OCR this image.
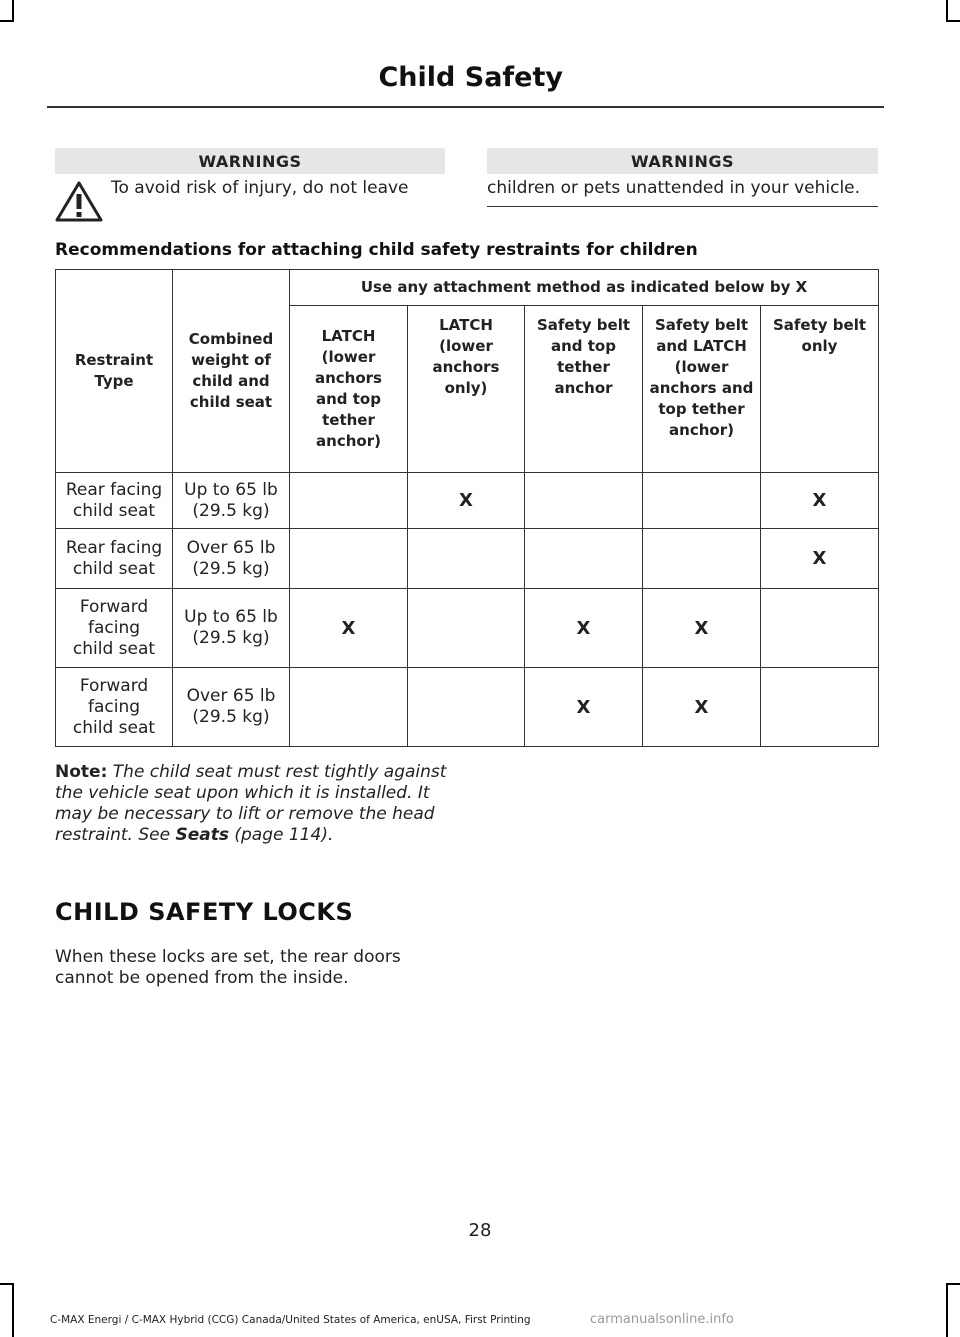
Child Safety
WARNINGS
To avoid risk of injury, do not leave
WARNINGS
children or pets unattended in your vehicle.
Recommendations for attaching child safety restraints for children
Restraint Type	Combined weight of child and child seat	Use any attachment method as indicated below by X				
		LATCH (lower anchors and top tether anchor)	LATCH (lower anchors only)	Safety belt and top tether anchor	Safety belt and LATCH (lower anchors and top tether anchor)	Safety belt only
Rear facing child seat	Up to 65 lb (29.5 kg)		X			X
Rear facing child seat	Over 65 lb (29.5 kg)					X
Forward facing child seat	Up to 65 lb (29.5 kg)	X		X	X	
Forward facing child seat	Over 65 lb (29.5 kg)			X	X	
Note: The child seat must rest tightly against the vehicle seat upon which it is installed. It may be necessary to lift or remove the head restraint. See Seats (page 114).
CHILD SAFETY LOCKS
When these locks are set, the rear doors cannot be opened from the inside.
28
C-MAX Energi / C-MAX Hybrid (CCG) Canada/United States of America, enUSA, First Printing	carmanualsonline.info
